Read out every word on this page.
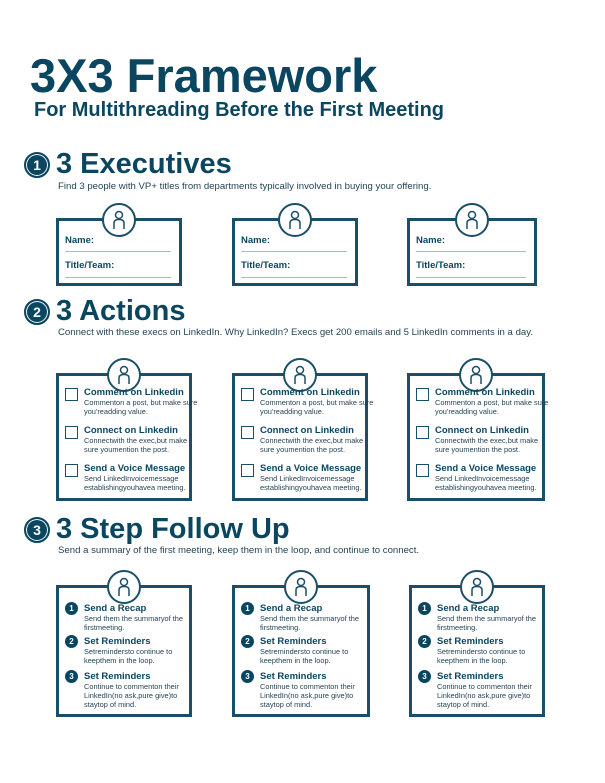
3X3 Framework
For Multithreading Before the First Meeting
1 3 Executives
Find 3 people with VP+ titles from departments typically involved in buying your offering.
Name:
Title/Team:
Name:
Title/Team:
Name:
Title/Team:
2 3 Actions
Connect with these execs on LinkedIn. Why LinkedIn? Execs get 200 emails and 5 LinkedIn comments in a day.
Comment on Linkedin
Commenton a post, but make sure you'readding value.
Connect on Linkedin
Connectwith the exec,but make sure youmention the post.
Send a Voice Message
Send LinkedInvoicemessage establishingyouhavea meeting.
Comment on Linkedin
Commenton a post, but make sure you'readding value.
Connect on Linkedin
Connectwith the exec,but make sure youmention the post.
Send a Voice Message
Send LinkedInvoicemessage establishingyouhavea meeting.
Comment on Linkedin
Commenton a post, but make sure you'readding value.
Connect on Linkedin
Connectwith the exec,but make sure youmention the post.
Send a Voice Message
Send LinkedInvoicemessage establishingyouhavea meeting.
3 3 Step Follow Up
Send a summary of the first meeting, keep them in the loop, and continue to connect.
1	Send a Recap
Send them the summaryof the firstmeeting.
2	Set Reminders
Setremindersto continue to keepthem in the loop.
3	Set Reminders
Continue to commenton their LinkedIn(no ask,pure give)to staytop of mind.
1	Send a Recap
Send them the summaryof the firstmeeting.
2	Set Reminders
Setremindersto continue to keepthem in the loop.
3	Set Reminders
Continue to commenton their LinkedIn(no ask,pure give)to staytop of mind.
1	Send a Recap
Send them the summaryof the firstmeeting.
2	Set Reminders
Setremindersto continue to keepthem in the loop.
3	Set Reminders
Continue to commenton their LinkedIn(no ask,pure give)to staytop of mind.
